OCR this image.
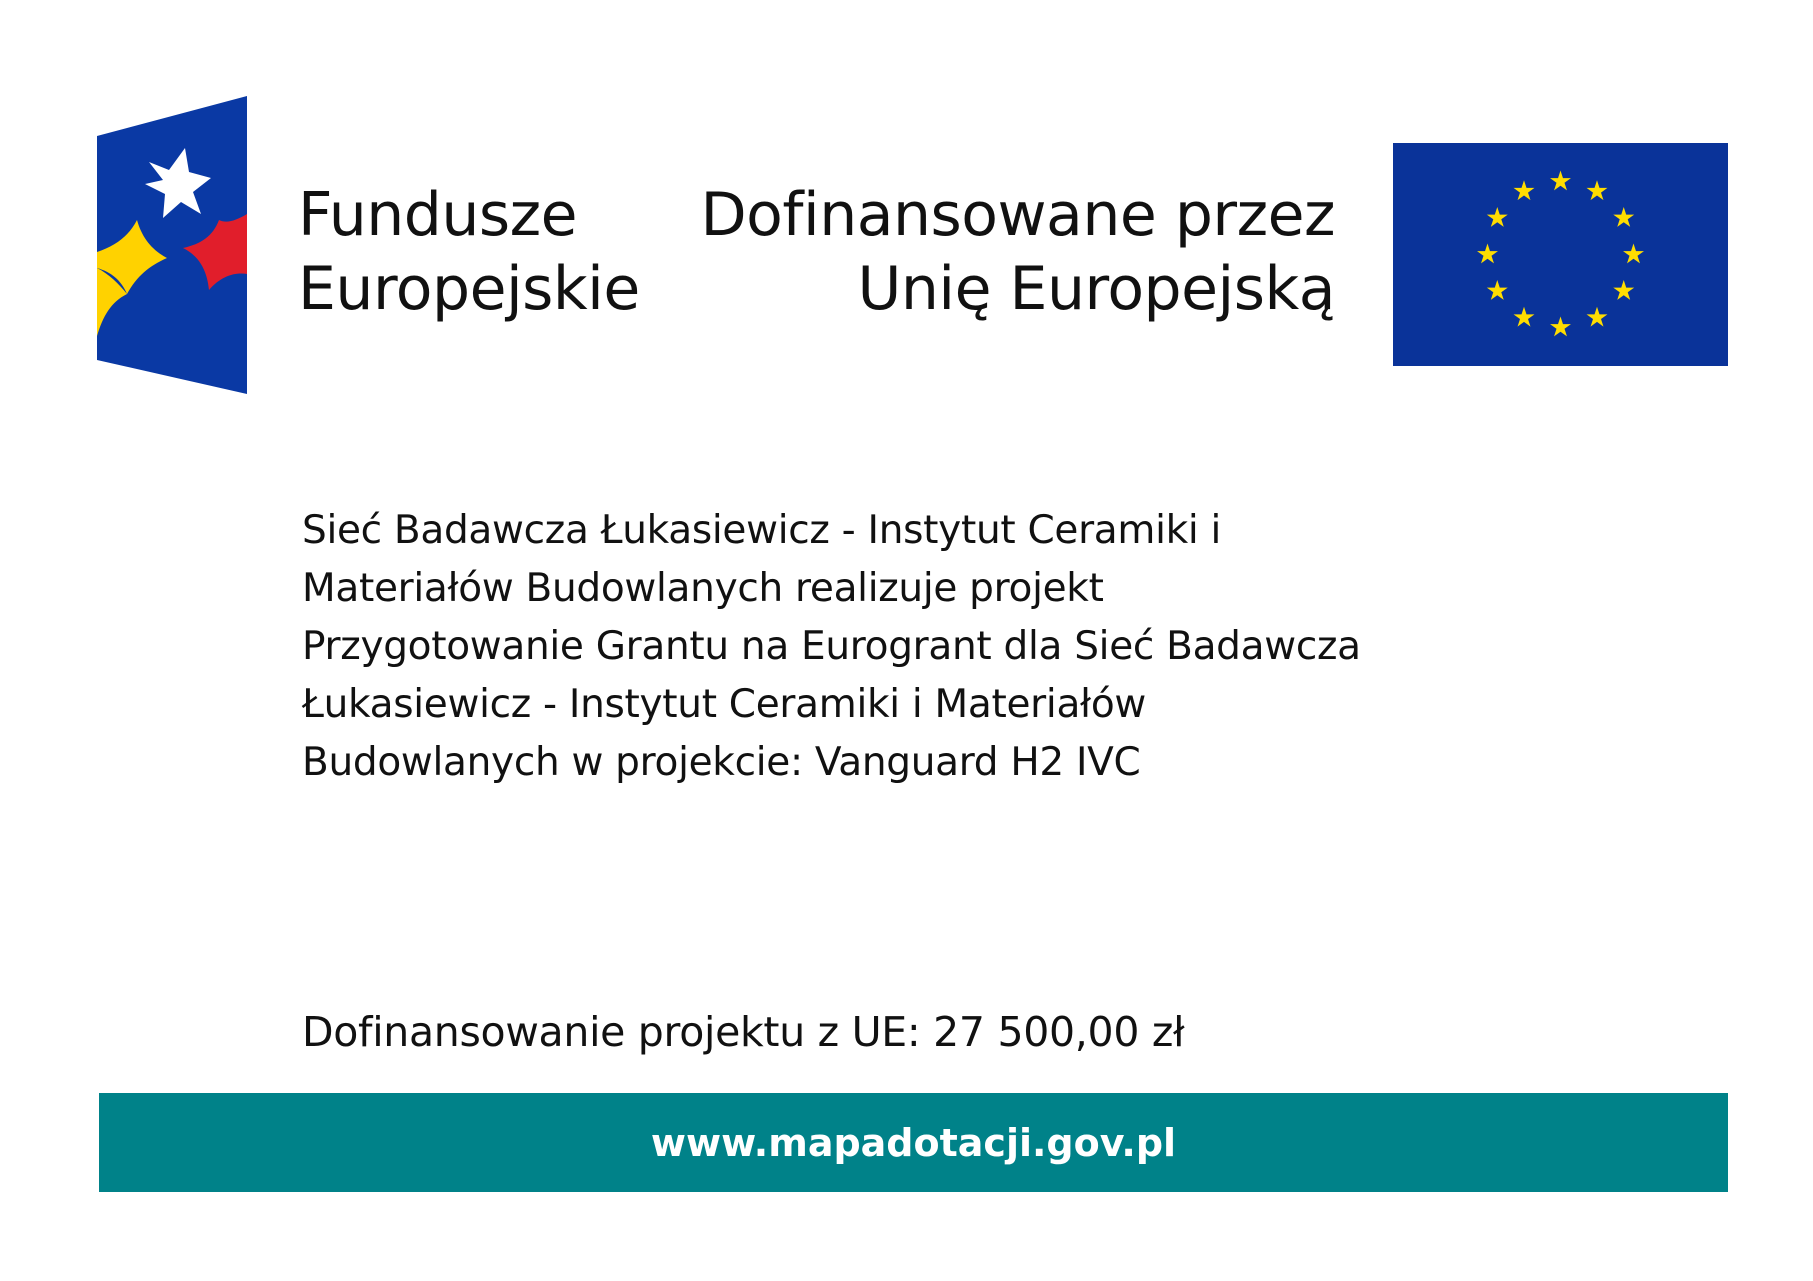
Fundusze
Europejskie
Dofinansowane przez
Unię Europejską
Sieć Badawcza Łukasiewicz - Instytut Ceramiki i
Materiałów Budowlanych realizuje projekt
Przygotowanie Grantu na Eurogrant dla Sieć Badawcza
Łukasiewicz - Instytut Ceramiki i Materiałów
Budowlanych w projekcie: Vanguard H2 IVC
Dofinansowanie projektu z UE: 27 500,00 zł
www.mapadotacji.gov.pl
